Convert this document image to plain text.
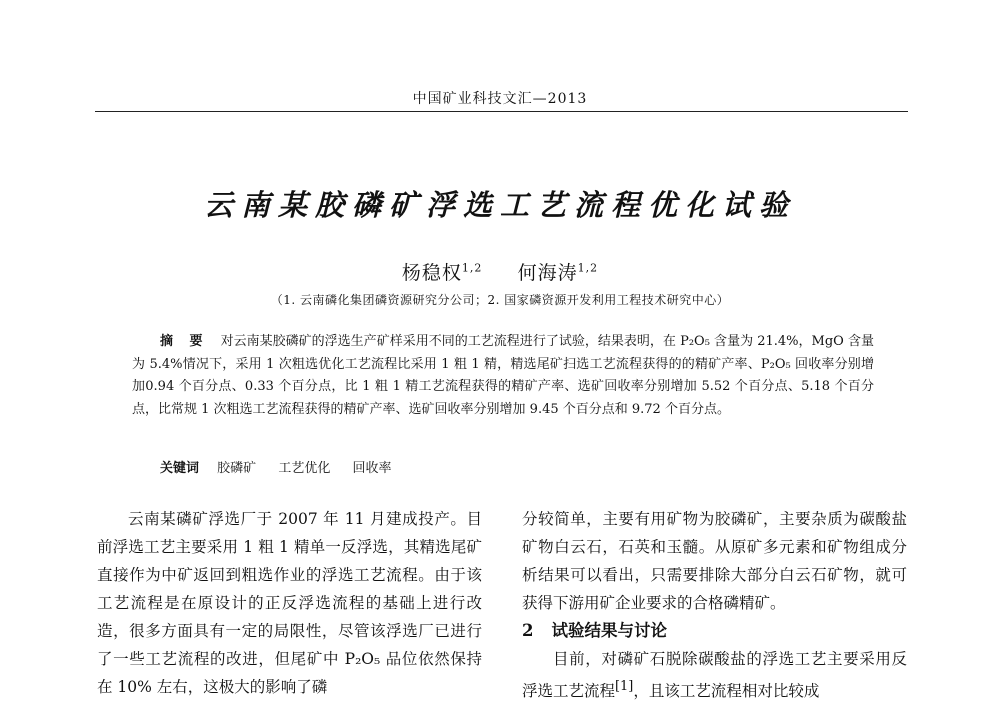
中国矿业科技文汇—2013
云南某胶磷矿浮选工艺流程优化试验
杨稳权$^{1,2}$ 何海涛$^{1,2}$
（1. 云南磷化集团磷资源研究分公司；2. 国家磷资源开发利用工程技术研究中心）
摘 要 对云南某胶磷矿的浮选生产矿样采用不同的工艺流程进行了试验，结果表明，在 P₂O₅ 含量为 21.4%，MgO 含量为 5.4%情况下，采用 1 次粗选优化工艺流程比采用 1 粗 1 精，精选尾矿扫选工艺流程获得的的精矿产率、P₂O₅ 回收率分别增加0.94 个百分点、0.33 个百分点，比 1 粗 1 精工艺流程获得的精矿产率、选矿回收率分别增加 5.52 个百分点、5.18 个百分点，比常规 1 次粗选工艺流程获得的精矿产率、选矿回收率分别增加 9.45 个百分点和 9.72 个百分点。
关键词 胶磷矿 工艺优化 回收率

云南某磷矿浮选厂于 2007 年 11 月建成投产。目前浮选工艺主要采用 1 粗 1 精单一反浮选，其精选尾矿直接作为中矿返回到粗选作业的浮选工艺流程。由于该工艺流程是在原设计的正反浮选流程的基础上进行改造，很多方面具有一定的局限性，尽管该浮选厂已进行了一些工艺流程的改进，但尾矿中 P₂O₅ 品位依然保持在 10% 左右，这极大的影响了磷

分较简单，主要有用矿物为胶磷矿，主要杂质为碳酸盐矿物白云石，石英和玉髓。从原矿多元素和矿物组成分析结果可以看出，只需要排除大部分白云石矿物，就可获得下游用矿企业要求的合格磷精矿。

2 试验结果与讨论

目前，对磷矿石脱除碳酸盐的浮选工艺主要采用反浮选工艺流程[1]，且该工艺流程相对比较成
